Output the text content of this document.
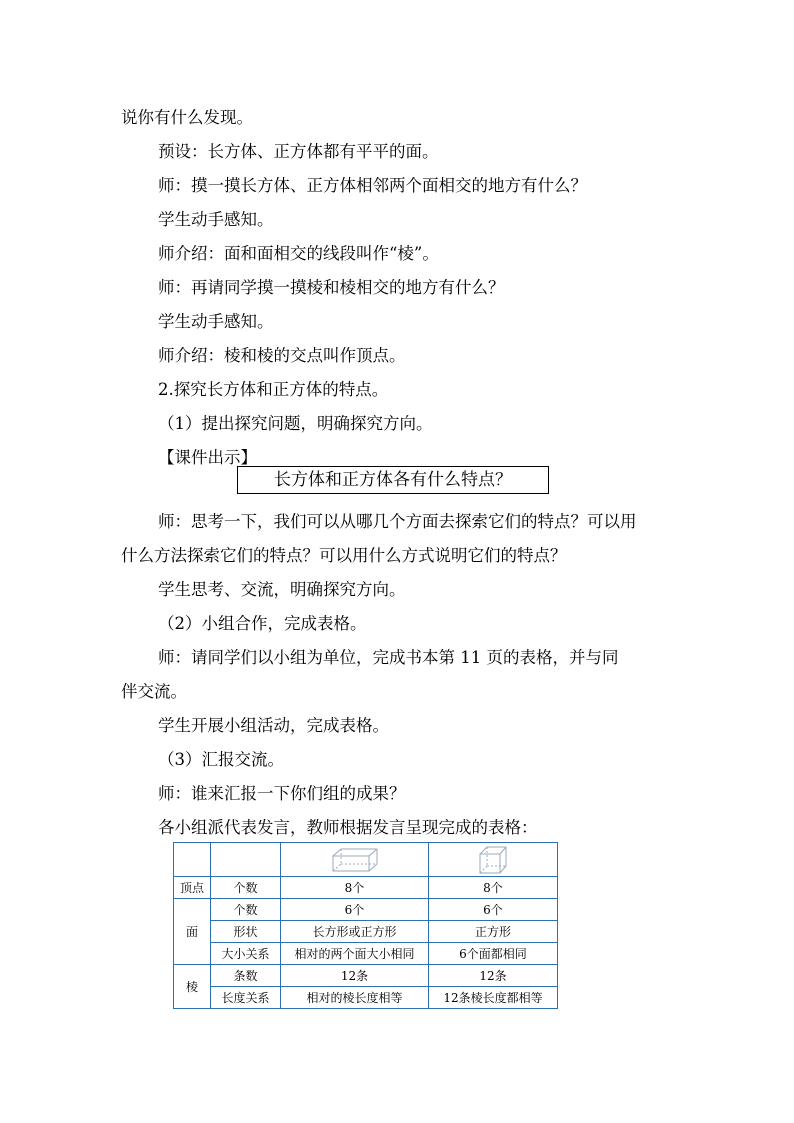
说你有什么发现。
预设：长方体、正方体都有平平的面。
师：摸一摸长方体、正方体相邻两个面相交的地方有什么？
学生动手感知。
师介绍：面和面相交的线段叫作“棱”。
师：再请同学摸一摸棱和棱相交的地方有什么？
学生动手感知。
师介绍：棱和棱的交点叫作顶点。
2.探究长方体和正方体的特点。
（1）提出探究问题，明确探究方向。
【课件出示】
长方体和正方体各有什么特点？
师：思考一下，我们可以从哪几个方面去探索它们的特点？可以用
什么方法探索它们的特点？可以用什么方式说明它们的特点？
学生思考、交流，明确探究方向。
（2）小组合作，完成表格。
师：请同学们以小组为单位，完成书本第 11 页的表格，并与同
伴交流。
学生开展小组活动，完成表格。
（3）汇报交流。
师：谁来汇报一下你们组的成果？
各小组派代表发言，教师根据发言呈现完成的表格：

顶点	个数	8个	8个
面	个数	6个	6个
	形状	长方形或正方形	正方形
	大小关系	相对的两个面大小相同	6个面都相同
棱	条数	12条	12条
	长度关系	相对的棱长度相等	12条棱长度都相等
